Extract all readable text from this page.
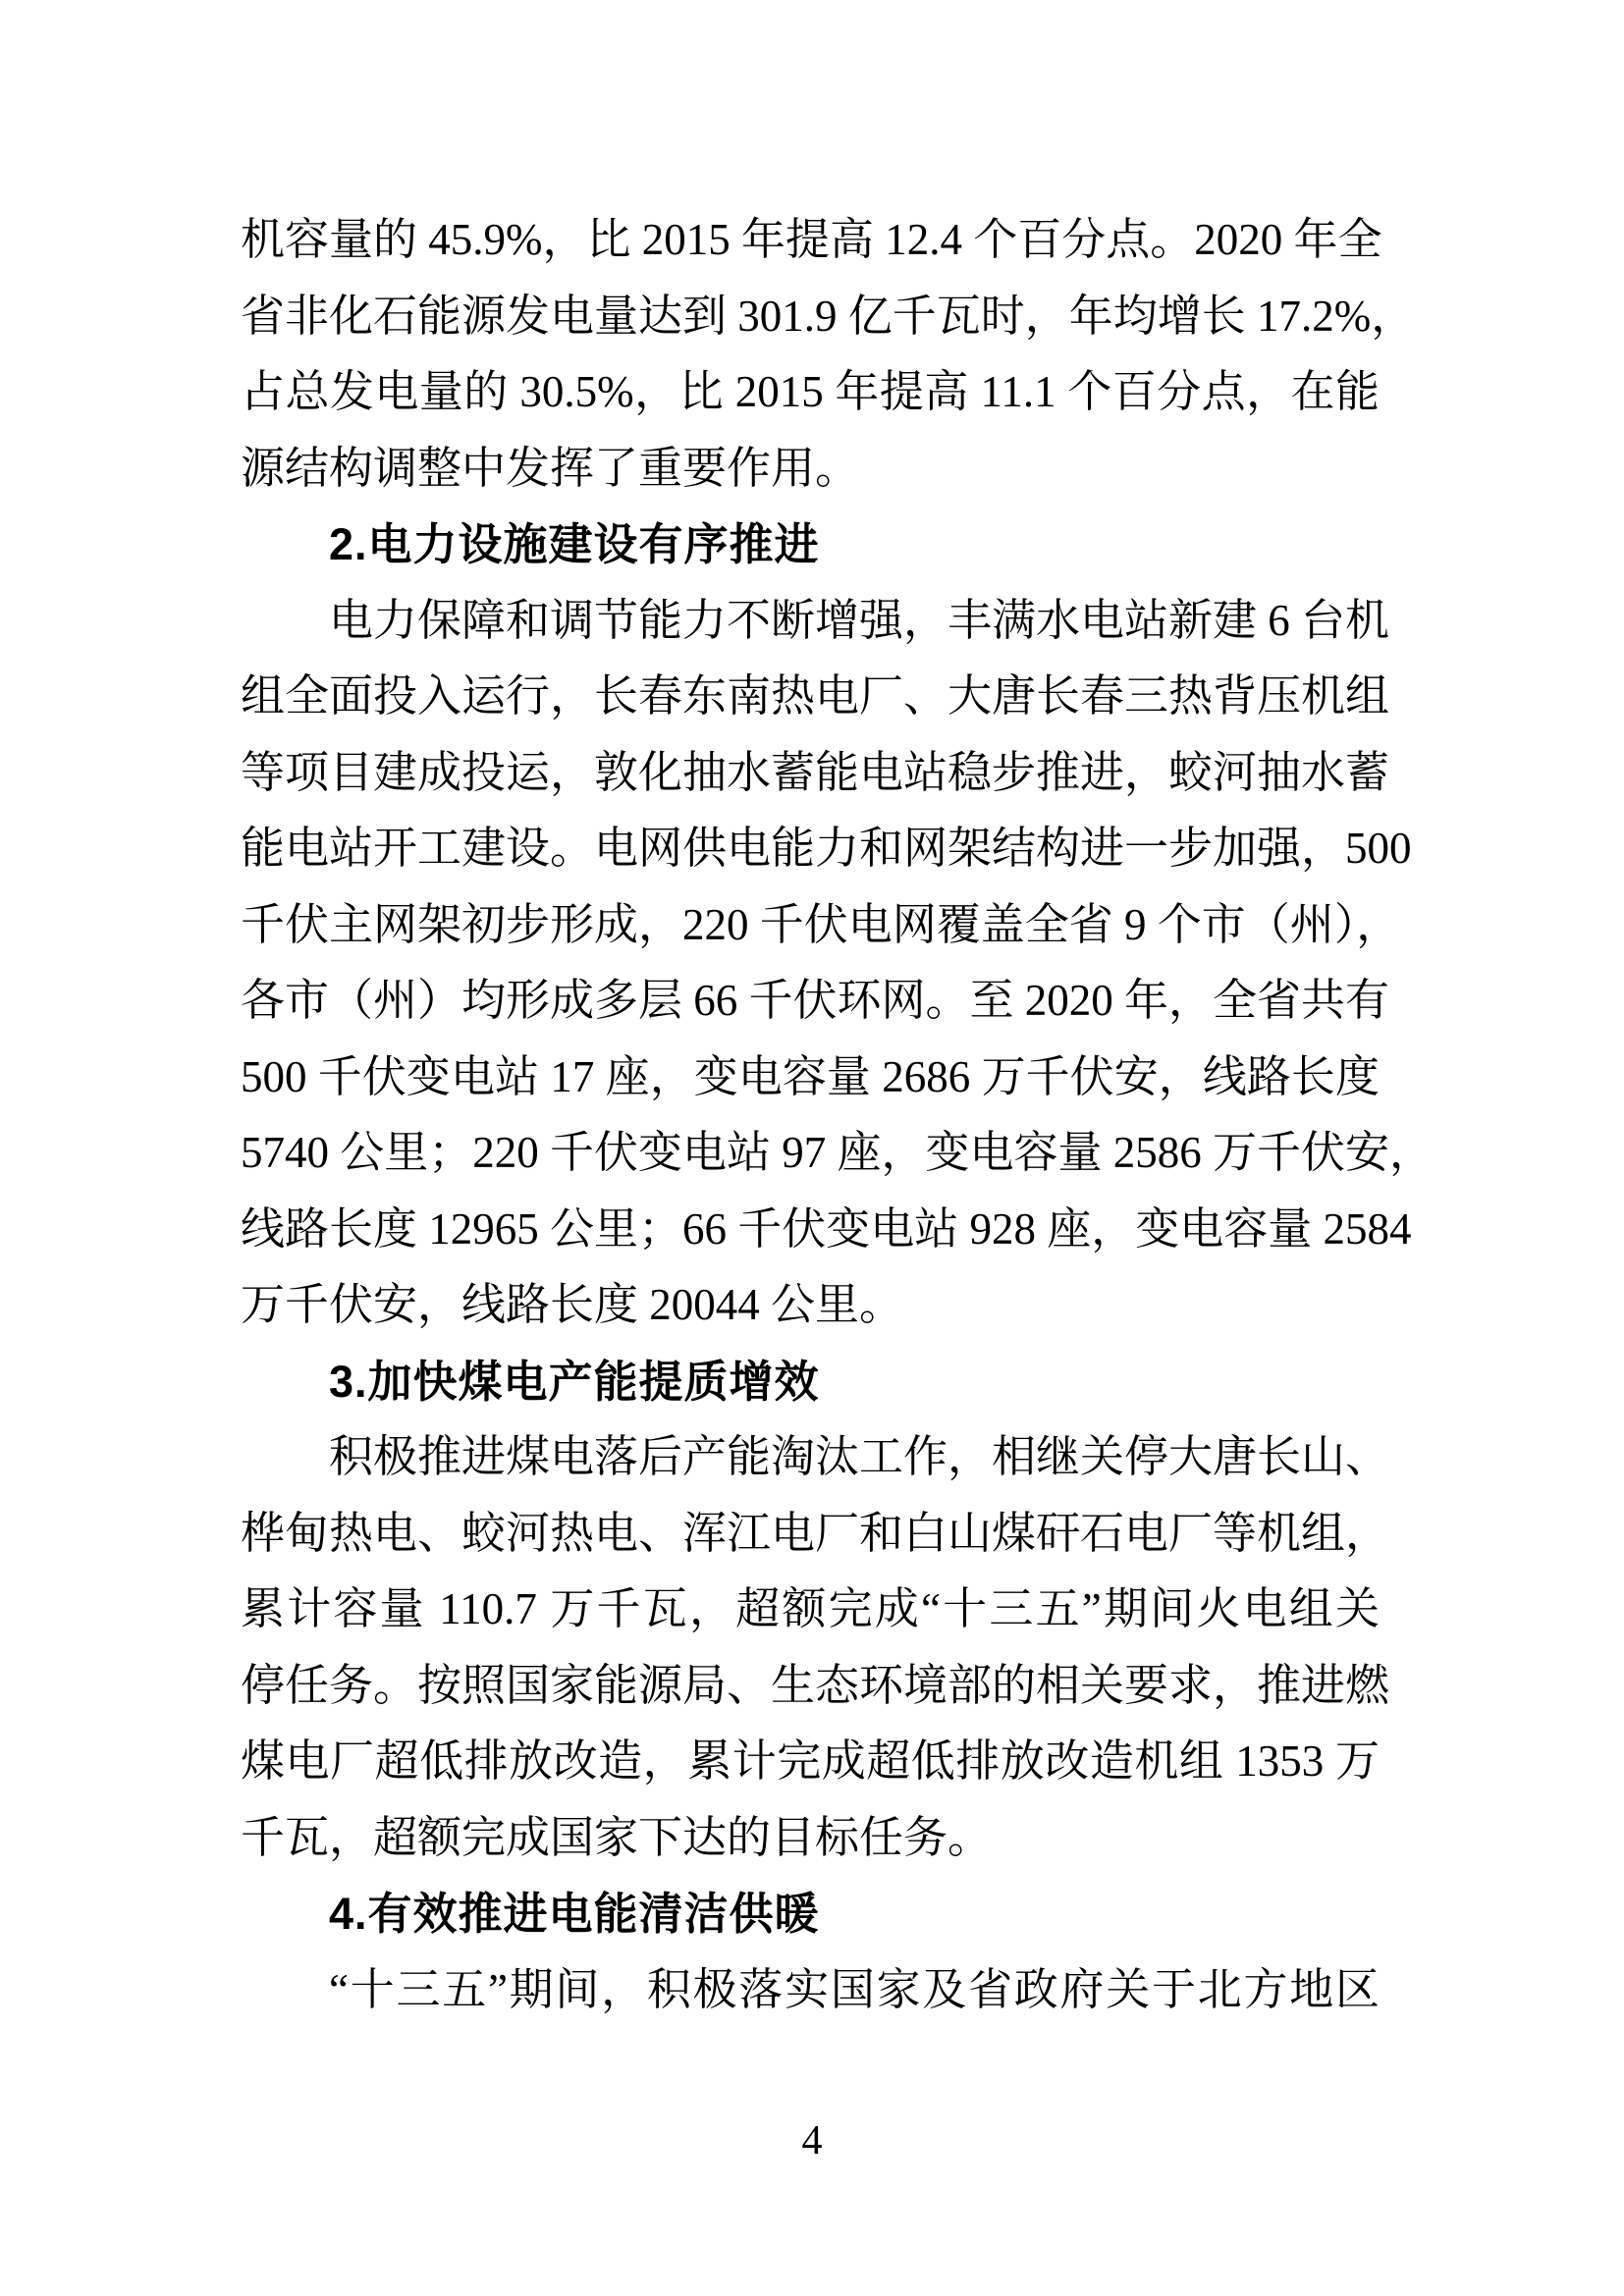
机容量的 45.9%，比 2015 年提高 12.4 个百分点。2020 年全
省非化石能源发电量达到 301.9 亿千瓦时，年均增长 17.2%，
占总发电量的 30.5%，比 2015 年提高 11.1 个百分点，在能
源结构调整中发挥了重要作用。
2.电力设施建设有序推进
电力保障和调节能力不断增强，丰满水电站新建 6 台机
组全面投入运行，长春东南热电厂、大唐长春三热背压机组
等项目建成投运，敦化抽水蓄能电站稳步推进，蛟河抽水蓄
能电站开工建设。电网供电能力和网架结构进一步加强，500
千伏主网架初步形成，220 千伏电网覆盖全省 9 个市（州），
各市（州）均形成多层 66 千伏环网。至 2020 年，全省共有
500 千伏变电站 17 座，变电容量 2686 万千伏安，线路长度
5740 公里；220 千伏变电站 97 座，变电容量 2586 万千伏安，
线路长度 12965 公里；66 千伏变电站 928 座，变电容量 2584
万千伏安，线路长度 20044 公里。
3.加快煤电产能提质增效
积极推进煤电落后产能淘汰工作，相继关停大唐长山、
桦甸热电、蛟河热电、浑江电厂和白山煤矸石电厂等机组，
累计容量 110.7 万千瓦，超额完成“十三五”期间火电组关
停任务。按照国家能源局、生态环境部的相关要求，推进燃
煤电厂超低排放改造，累计完成超低排放改造机组 1353 万
千瓦，超额完成国家下达的目标任务。
4.有效推进电能清洁供暖
“十三五”期间，积极落实国家及省政府关于北方地区
4
